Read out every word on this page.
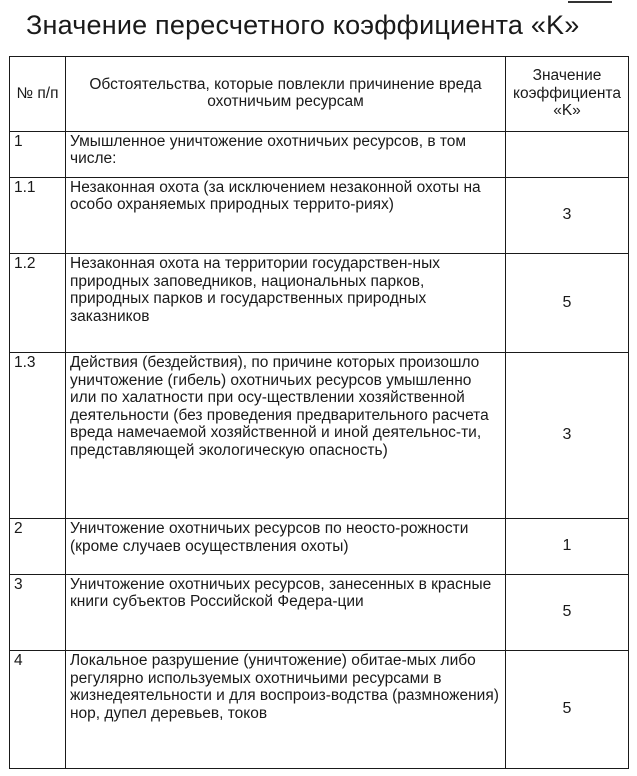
Значение пересчетного коэффициента «K»
№ п/п	Обстоятельства, которые повлекли причинение вреда охотничьим ресурсам	Значение коэффициента «K»
1	Умышленное уничтожение охотничьих ресурсов, в том числе:	
1.1	Незаконная охота (за исключением незаконной охоты на особо охраняемых природных террито-риях)	3
1.2	Незаконная охота на территории государствен-ных природных заповедников, национальных парков, природных парков и государственных природных заказников	5
1.3	Действия (бездействия), по причине которых произошло уничтожение (гибель) охотничьих ресурсов умышленно или по халатности при осу-ществлении хозяйственной деятельности (без проведения предварительного расчета вреда намечаемой хозяйственной и иной деятельнос-ти, представляющей экологическую опасность)	3
2	Уничтожение охотничьих ресурсов по неосто-рожности (кроме случаев осуществления охоты)	1
3	Уничтожение охотничьих ресурсов, занесенных в красные книги субъектов Российской Федера-ции	5
4	Локальное разрушение (уничтожение) обитае-мых либо регулярно используемых охотничьими ресурсами в жизнедеятельности и для воспроиз-водства (размножения) нор, дупел деревьев, токов	5
